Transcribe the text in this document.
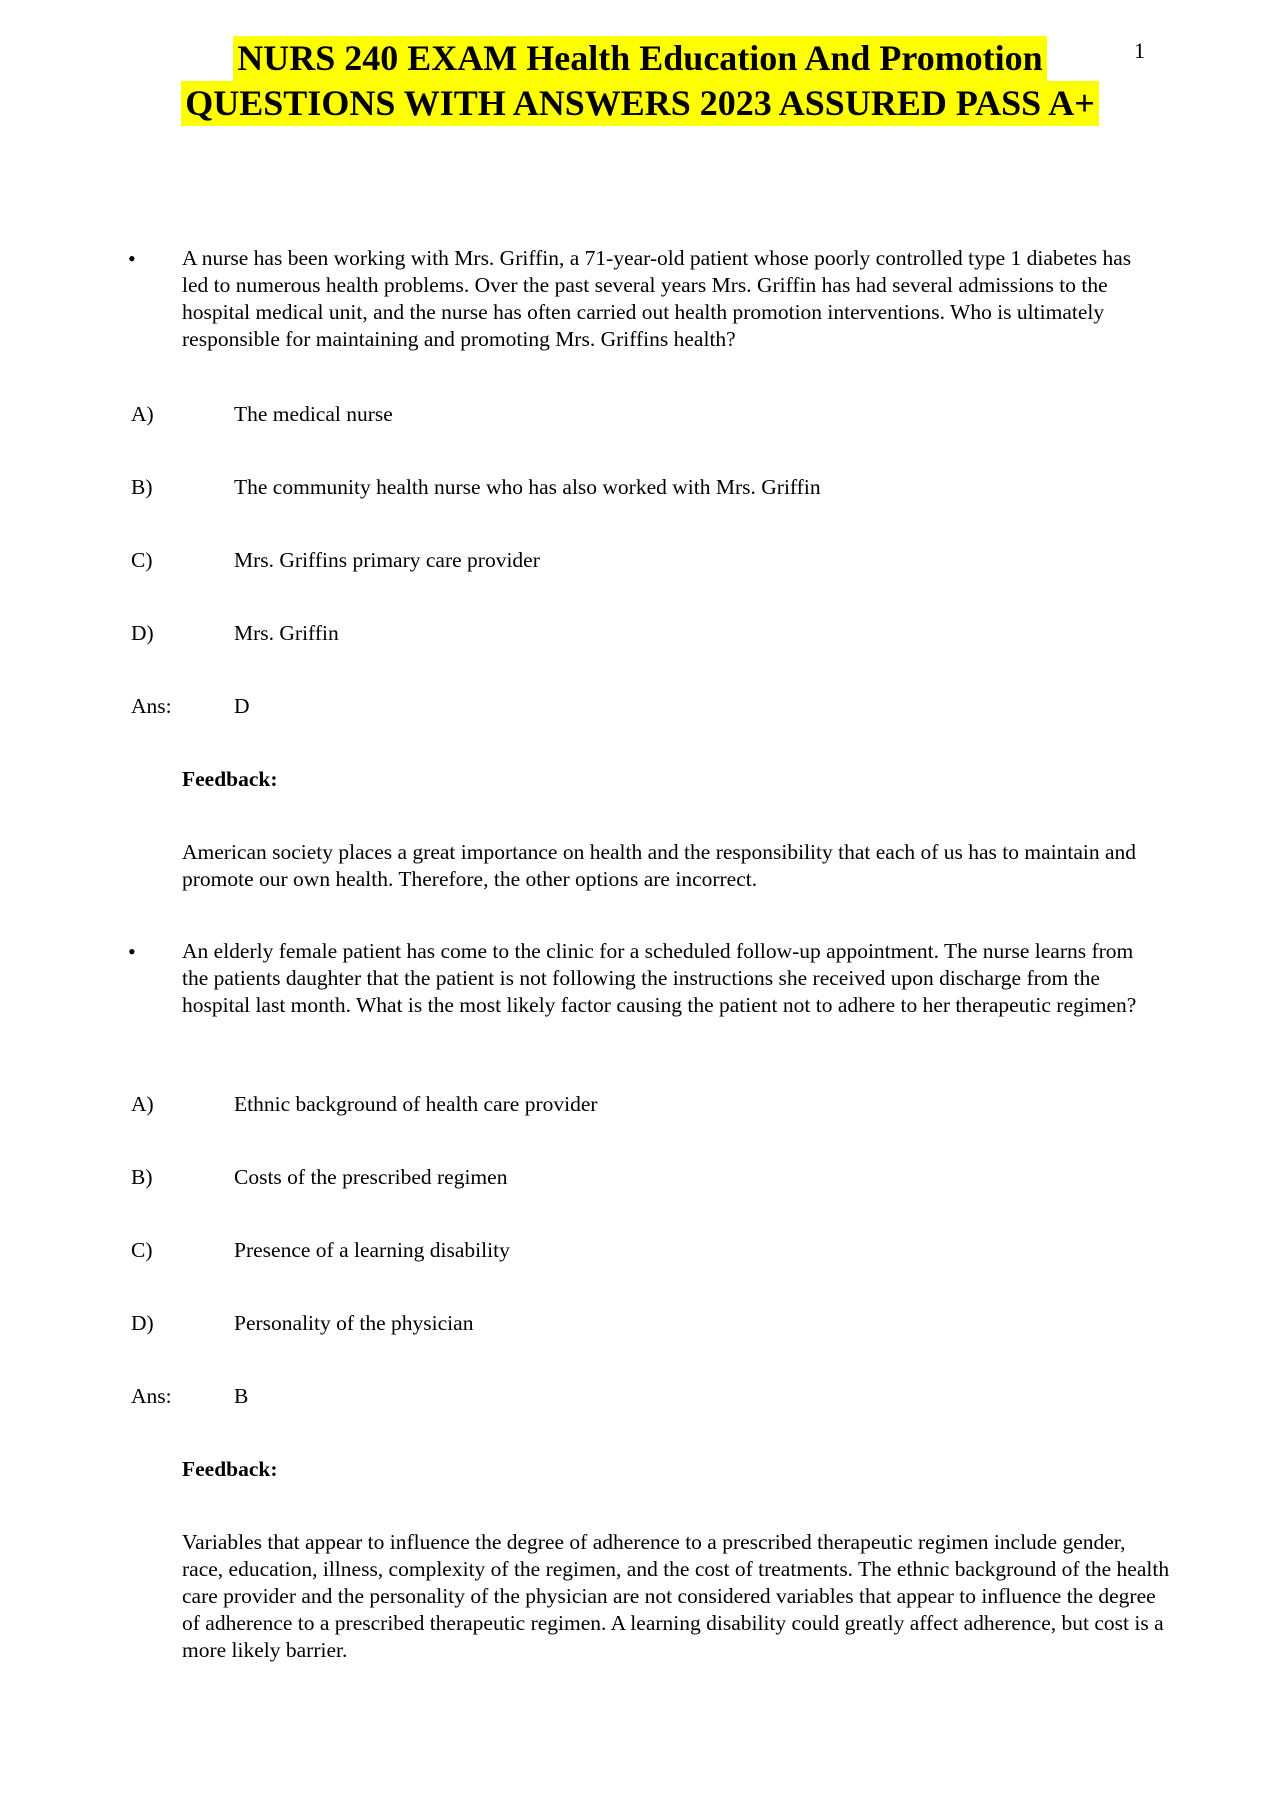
1
NURS 240 EXAM Health Education And Promotion
QUESTIONS WITH ANSWERS 2023 ASSURED PASS A+
• A nurse has been working with Mrs. Griffin, a 71-year-old patient whose poorly controlled type 1 diabetes has led to numerous health problems. Over the past several years Mrs. Griffin has had several admissions to the hospital medical unit, and the nurse has often carried out health promotion interventions. Who is ultimately responsible for maintaining and promoting Mrs. Griffins health?
A)	The medical nurse
B)	The community health nurse who has also worked with Mrs. Griffin
C)	Mrs. Griffins primary care provider
D)	Mrs. Griffin
Ans:	D
Feedback:
American society places a great importance on health and the responsibility that each of us has to maintain and promote our own health. Therefore, the other options are incorrect.
• An elderly female patient has come to the clinic for a scheduled follow-up appointment. The nurse learns from the patients daughter that the patient is not following the instructions she received upon discharge from the hospital last month. What is the most likely factor causing the patient not to adhere to her therapeutic regimen?
A)	Ethnic background of health care provider
B)	Costs of the prescribed regimen
C)	Presence of a learning disability
D)	Personality of the physician
Ans:	B
Feedback:
Variables that appear to influence the degree of adherence to a prescribed therapeutic regimen include gender, race, education, illness, complexity of the regimen, and the cost of treatments. The ethnic background of the health care provider and the personality of the physician are not considered variables that appear to influence the degree of adherence to a prescribed therapeutic regimen. A learning disability could greatly affect adherence, but cost is a more likely barrier.
